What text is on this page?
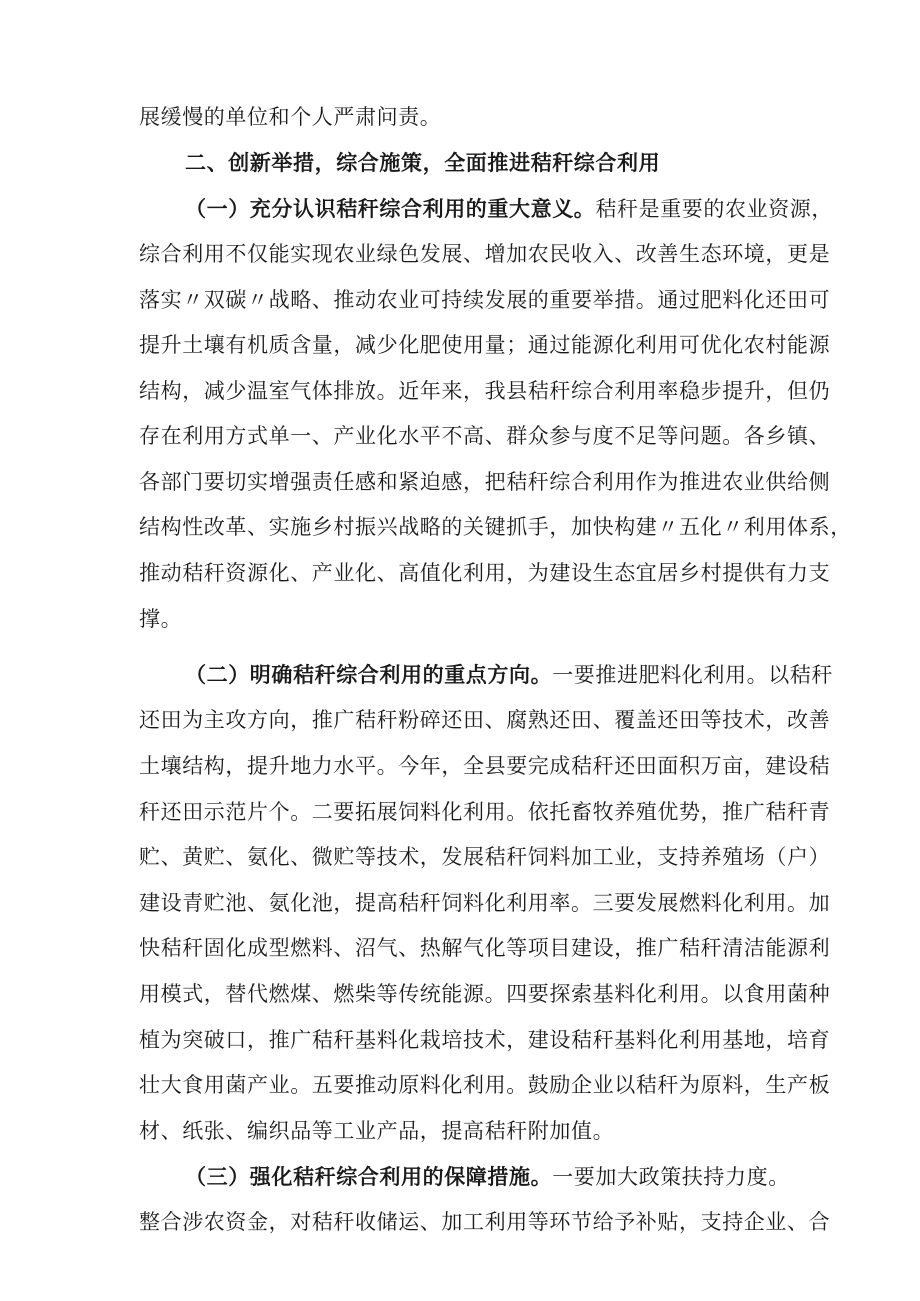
展缓慢的单位和个人严肃问责。
二、创新举措，综合施策，全面推进秸秆综合利用
（一）充分认识秸秆综合利用的重大意义。秸秆是重要的农业资源，
综合利用不仅能实现农业绿色发展、增加农民收入、改善生态环境，更是
落实〃双碳〃战略、推动农业可持续发展的重要举措。通过肥料化还田可
提升土壤有机质含量，减少化肥使用量；通过能源化利用可优化农村能源
结构，减少温室气体排放。近年来，我县秸秆综合利用率稳步提升，但仍
存在利用方式单一、产业化水平不高、群众参与度不足等问题。各乡镇、
各部门要切实增强责任感和紧迫感，把秸秆综合利用作为推进农业供给侧
结构性改革、实施乡村振兴战略的关键抓手，加快构建〃五化〃利用体系，
推动秸秆资源化、产业化、高值化利用，为建设生态宜居乡村提供有力支
撑。
（二）明确秸秆综合利用的重点方向。一要推进肥料化利用。以秸秆
还田为主攻方向，推广秸秆粉碎还田、腐熟还田、覆盖还田等技术，改善
土壤结构，提升地力水平。今年，全县要完成秸秆还田面积万亩，建设秸
秆还田示范片个。二要拓展饲料化利用。依托畜牧养殖优势，推广秸秆青
贮、黄贮、氨化、微贮等技术，发展秸秆饲料加工业，支持养殖场（户）
建设青贮池、氨化池，提高秸秆饲料化利用率。三要发展燃料化利用。加
快秸秆固化成型燃料、沼气、热解气化等项目建设，推广秸秆清洁能源利
用模式，替代燃煤、燃柴等传统能源。四要探索基料化利用。以食用菌种
植为突破口，推广秸秆基料化栽培技术，建设秸秆基料化利用基地，培育
壮大食用菌产业。五要推动原料化利用。鼓励企业以秸秆为原料，生产板
材、纸张、编织品等工业产品，提高秸秆附加值。
（三）强化秸秆综合利用的保障措施。一要加大政策扶持力度。
整合涉农资金，对秸秆收储运、加工利用等环节给予补贴，支持企业、合
